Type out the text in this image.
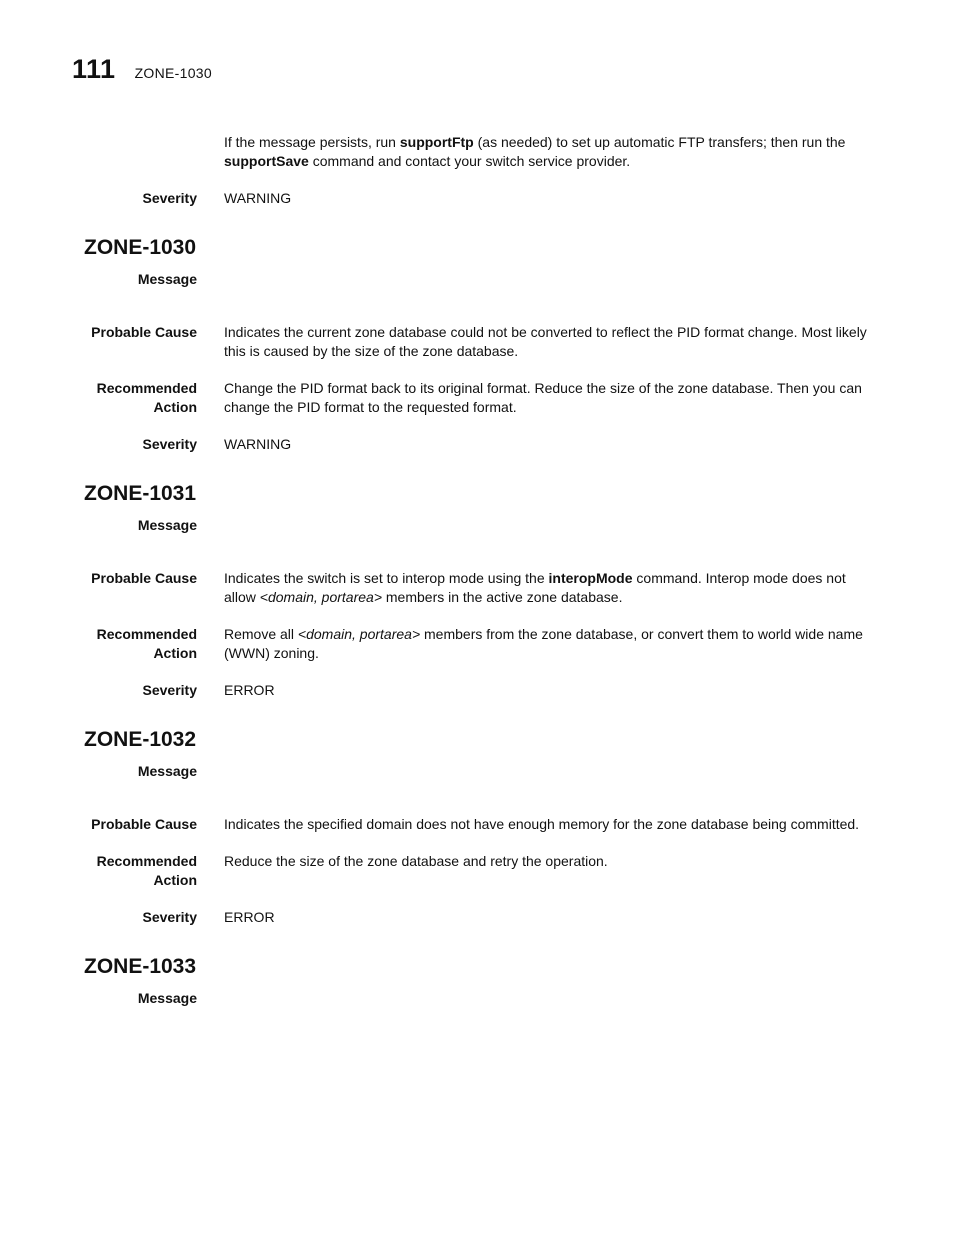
111 ZONE-1030
If the message persists, run supportFtp (as needed) to set up automatic FTP transfers; then run the supportSave command and contact your switch service provider.
Severity WARNING
ZONE-1030
Message
Probable Cause Indicates the current zone database could not be converted to reflect the PID format change. Most likely this is caused by the size of the zone database.
Recommended
Action
Change the PID format back to its original format. Reduce the size of the zone database. Then you can change the PID format to the requested format.
Severity WARNING
ZONE-1031
Message
Probable Cause Indicates the switch is set to interop mode using the interopMode command. Interop mode does not allow <domain, portarea> members in the active zone database.
Recommended
Action
Remove all <domain, portarea> members from the zone database, or convert them to world wide name (WWN) zoning.
Severity ERROR
ZONE-1032
Message
Probable Cause Indicates the specified domain does not have enough memory for the zone database being committed.
Recommended
Action
Reduce the size of the zone database and retry the operation.
Severity ERROR
ZONE-1033
Message
